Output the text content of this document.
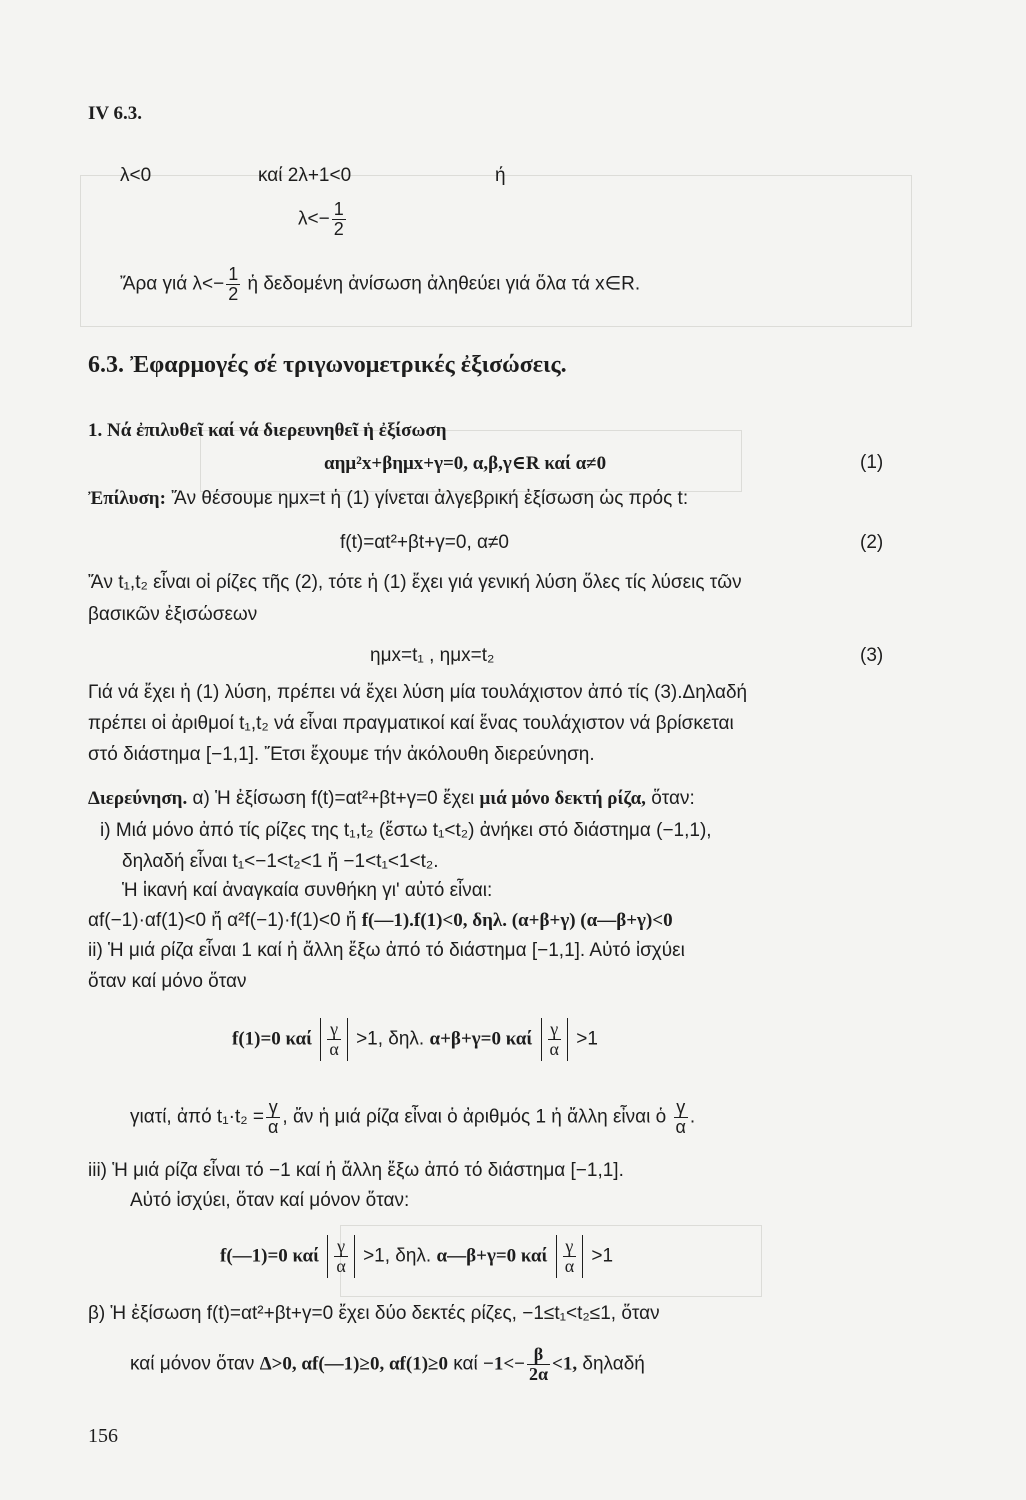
IV 6.3.
λ<0	καί 2λ+1<0	ή
$\lambda<- \frac{1}{2}$
Ἄρα γιά $\lambda<- \frac{1}{2}$ ἡ δεδομένη ἀνίσωση ἀληθεύει γιά ὅλα τά x∈R.
6.3. Ἐφαρμογές σέ τριγωνομετρικές ἐξισώσεις.
1. Νά ἐπιλυθεῖ καί νά διερευνηθεῖ ἡ ἐξίσωση
αημ²x+βημx+γ=0, α,β,γ∈R καί α≠0	(1)
Ἐπίλυση: Ἄν θέσουμε ημx=t ἡ (1) γίνεται ἀλγεβρική ἐξίσωση ὡς πρός t:
f(t)=αt²+βt+γ=0, α≠0	(2)
Ἄν t₁,t₂ εἶναι οἱ ρίζες τῆς (2), τότε ἡ (1) ἔχει γιά γενική λύση ὅλες τίς λύσεις τῶν
βασικῶν ἐξισώσεων
ημx=t₁ , ημx=t₂	(3)
Γιά νά ἔχει ἡ (1) λύση, πρέπει νά ἔχει λύση μία τουλάχιστον ἀπό τίς (3).Δηλαδή
πρέπει οἱ ἀριθμοί t₁,t₂ νά εἶναι πραγματικοί καί ἕνας τουλάχιστον νά βρίσκεται
στό διάστημα [−1,1]. Ἔτσι ἔχουμε τήν ἀκόλουθη διερεύνηση.
Διερεύνηση. α) Ἡ ἐξίσωση f(t)=αt²+βt+γ=0 ἔχει μιά μόνο δεκτή ρίζα, ὅταν:
i) Μιά μόνο ἀπό τίς ρίζες της t₁,t₂ (ἔστω t₁<t₂) ἀνήκει στό διάστημα (−1,1),
δηλαδή εἶναι t₁<−1<t₂<1 ἤ −1<t₁<1<t₂.
Ἡ ἱκανή καί ἀναγκαία συνθήκη γι' αὐτό εἶναι:
αf(−1)·αf(1)<0 ἤ α²f(−1)·f(1)<0 ἤ f(—1).f(1)<0, δηλ. (α+β+γ) (α—β+γ)<0
ii) Ἡ μιά ρίζα εἶναι 1 καί ἡ ἄλλη ἔξω ἀπό τό διάστημα [−1,1]. Αὐτό ἰσχύει
ὅταν καί μόνο ὅταν
f(1)=0 καί $\frac{\gamma}{\alpha} >1$, δηλ. α+β+γ=0 καί $\frac{\gamma}{\alpha} >1$
γιατί, ἀπό $t_1\cdot t_2 = \frac{\gamma}{\alpha}$ , ἄν ἡ μιά ρίζα εἶναι ὁ ἀριθμός 1 ἡ ἄλλη εἶναι ὁ $\frac{\gamma}{\alpha}$ .
iii) Ἡ μιά ρίζα εἶναι τό −1 καί ἡ ἄλλη ἔξω ἀπό τό διάστημα [−1,1].
Αὐτό ἰσχύει, ὅταν καί μόνον ὅταν:
f(—1)=0 καί $\frac{\gamma}{\alpha} >1$, δηλ. α—β+γ=0 καί $\frac{\gamma}{\alpha} >1$
β) Ἡ ἐξίσωση f(t)=αt²+βt+γ=0 ἔχει δύο δεκτές ρίζες, −1≤t₁<t₂≤1, ὅταν
καί μόνον ὅταν Δ>0, αf(—1)≥0, αf(1)≥0 $\kappa\alpha ί -1<- \frac{\beta}{2\alpha} <1$, δηλαδή
156
